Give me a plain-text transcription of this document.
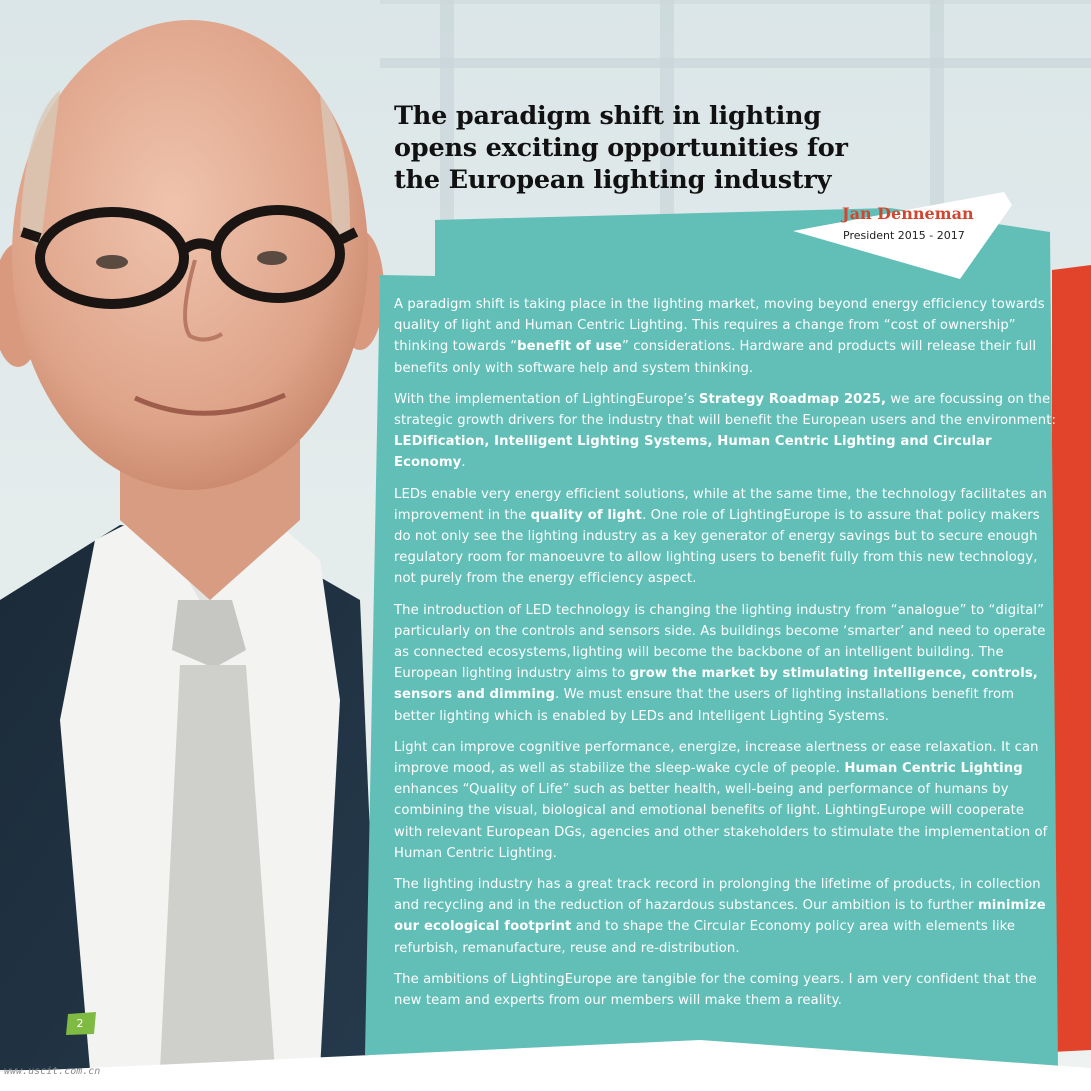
The paradigm shift in lighting opens exciting opportunities for the European lighting industry
Jan Denneman
President 2015 - 2017

A paradigm shift is taking place in the lighting market, moving beyond energy efficiency towards quality of light and Human Centric Lighting. This requires a change from “cost of ownership” thinking towards “benefit of use” considerations. Hardware and products will release their full benefits only with software help and system thinking.

With the implementation of LightingEurope’s Strategy Roadmap 2025, we are focussing on the strategic growth drivers for the industry that will benefit the European users and the environment: LEDification, Intelligent Lighting Systems, Human Centric Lighting and Circular Economy.

LEDs enable very energy efficient solutions, while at the same time, the technology facilitates an improvement in the quality of light. One role of LightingEurope is to assure that policy makers do not only see the lighting industry as a key generator of energy savings but to secure enough regulatory room for manoeuvre to allow lighting users to benefit fully from this new technology, not purely from the energy efficiency aspect.

The introduction of LED technology is changing the lighting industry from “analogue” to “digital” particularly on the controls and sensors side. As buildings become ‘smarter’ and need to operate as connected ecosystems, lighting will become the backbone of an intelligent building. The European lighting industry aims to grow the market by stimulating intelligence, controls, sensors and dimming. We must ensure that the users of lighting installations benefit from better lighting which is enabled by LEDs and Intelligent Lighting Systems.

Light can improve cognitive performance, energize, increase alertness or ease relaxation. It can improve mood, as well as stabilize the sleep-wake cycle of people. Human Centric Lighting enhances “Quality of Life” such as better health, well-being and performance of humans by combining the visual, biological and emotional benefits of light. LightingEurope will cooperate with relevant European DGs, agencies and other stakeholders to stimulate the implementation of Human Centric Lighting.

The lighting industry has a great track record in prolonging the lifetime of products, in collection and recycling and in the reduction of hazardous substances. Our ambition is to further minimize our ecological footprint and to shape the Circular Economy policy area with elements like refurbish, remanufacture, reuse and re-distribution.

The ambitions of LightingEurope are tangible for the coming years. I am very confident that the new team and experts from our members will make them a reality.

2
www.uscit.com.cn
